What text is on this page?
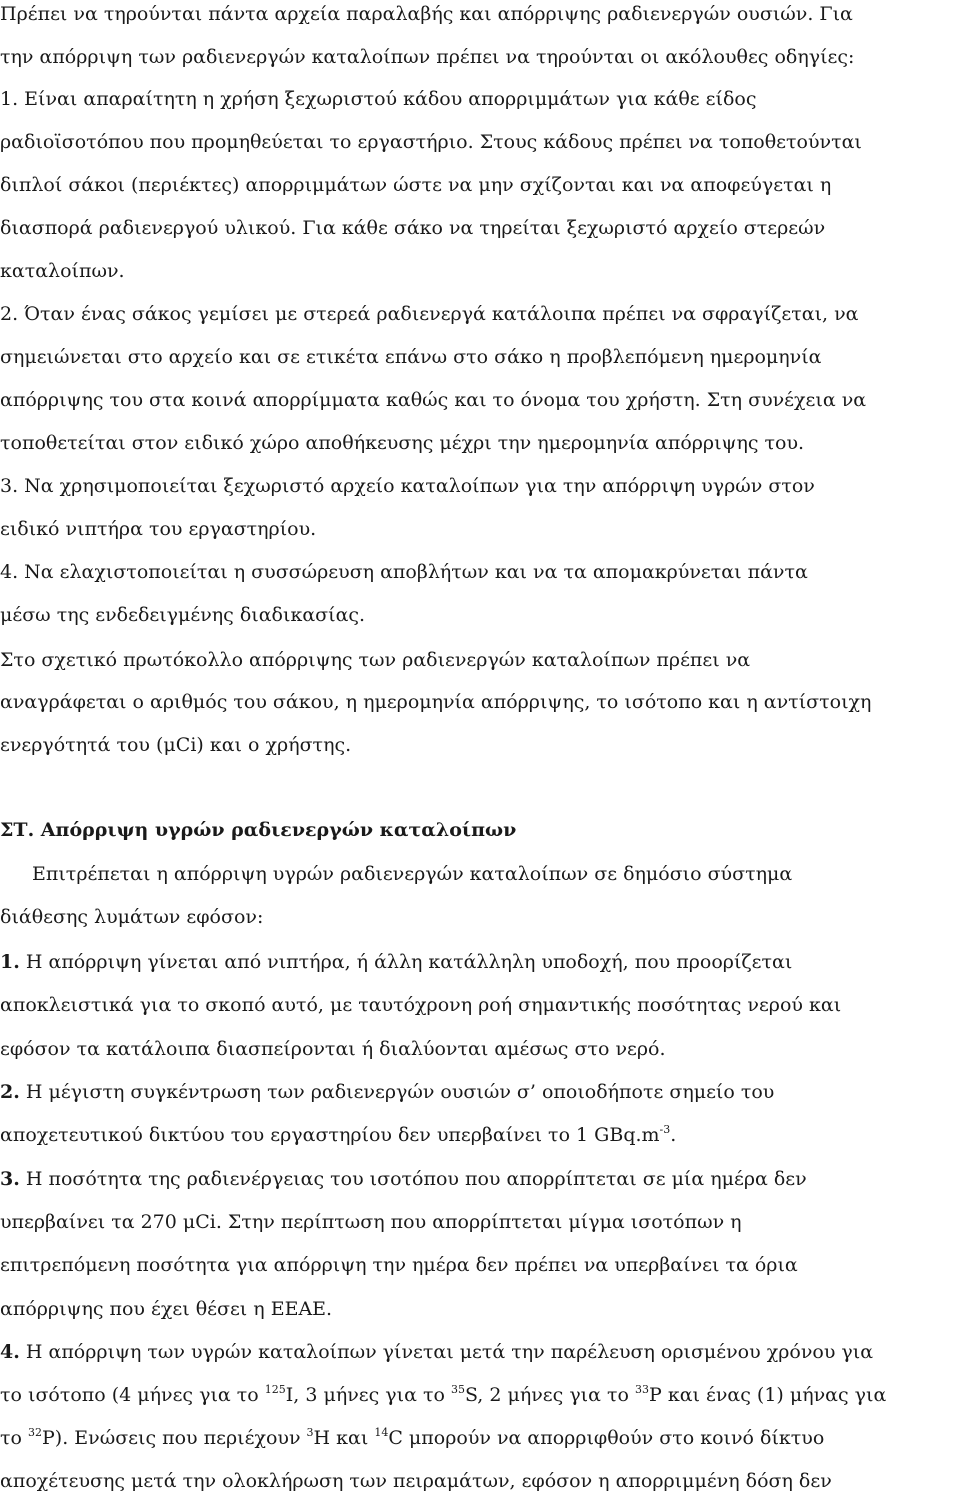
Πρέπει να τηρούνται πάντα αρχεία παραλαβής και απόρριψης ραδιενεργών ουσιών. Για
την απόρριψη των ραδιενεργών καταλοίπων πρέπει να τηρούνται οι ακόλουθες οδηγίες:
1. Είναι απαραίτητη η χρήση ξεχωριστού κάδου απορριμμάτων για κάθε είδος
ραδιοϊσοτόπου που προμηθεύεται το εργαστήριο. Στους κάδους πρέπει να τοποθετούνται
διπλοί σάκοι (περιέκτες) απορριμμάτων ώστε να μην σχίζονται και να αποφεύγεται η
διασπορά ραδιενεργού υλικού. Για κάθε σάκο να τηρείται ξεχωριστό αρχείο στερεών
καταλοίπων.
2. Όταν ένας σάκος γεμίσει με στερεά ραδιενεργά κατάλοιπα πρέπει να σφραγίζεται, να
σημειώνεται στο αρχείο και σε ετικέτα επάνω στο σάκο η προβλεπόμενη ημερομηνία
απόρριψης του στα κοινά απορρίμματα καθώς και το όνομα του χρήστη. Στη συνέχεια να
τοποθετείται στον ειδικό χώρο αποθήκευσης μέχρι την ημερομηνία απόρριψης του.
3. Να χρησιμοποιείται ξεχωριστό αρχείο καταλοίπων για την απόρριψη υγρών στον
ειδικό νιπτήρα του εργαστηρίου.
4. Να ελαχιστοποιείται η συσσώρευση αποβλήτων και να τα απομακρύνεται πάντα
μέσω της ενδεδειγμένης διαδικασίας.
Στο σχετικό πρωτόκολλο απόρριψης των ραδιενεργών καταλοίπων πρέπει να
αναγράφεται ο αριθμός του σάκου, η ημερομηνία απόρριψης, το ισότοπο και η αντίστοιχη
ενεργότητά του (μCi) και ο χρήστης.
ΣΤ. Απόρριψη υγρών ραδιενεργών καταλοίπων
Επιτρέπεται η απόρριψη υγρών ραδιενεργών καταλοίπων σε δημόσιο σύστημα
διάθεσης λυμάτων εφόσον:
1. Η απόρριψη γίνεται από νιπτήρα, ή άλλη κατάλληλη υποδοχή, που προορίζεται
αποκλειστικά για το σκοπό αυτό, με ταυτόχρονη ροή σημαντικής ποσότητας νερού και
εφόσον τα κατάλοιπα διασπείρονται ή διαλύονται αμέσως στο νερό.
2. Η μέγιστη συγκέντρωση των ραδιενεργών ουσιών σ’ οποιοδήποτε σημείο του
αποχετευτικού δικτύου του εργαστηρίου δεν υπερβαίνει το 1 $GBq.m^{-3}$.
3. Η ποσότητα της ραδιενέργειας του ισοτόπου που απορρίπτεται σε μία ημέρα δεν
υπερβαίνει τα 270 μCi. Στην περίπτωση που απορρίπτεται μίγμα ισοτόπων η
επιτρεπόμενη ποσότητα για απόρριψη την ημέρα δεν πρέπει να υπερβαίνει τα όρια
απόρριψης που έχει θέσει η ΕΕΑΕ.
4. Η απόρριψη των υγρών καταλοίπων γίνεται μετά την παρέλευση ορισμένου χρόνου για
το ισότοπο (4 μήνες για το $^{125}$I, 3 μήνες για το $^{35}$S, 2 μήνες για το $^{33}$P και ένας (1) μήνας για
το $^{32}$P). Ενώσεις που περιέχουν $^3$H και $^{14}$C μπορούν να απορριφθούν στο κοινό δίκτυο
αποχέτευσης μετά την ολοκλήρωση των πειραμάτων, εφόσον η απορριμμένη δόση δεν
